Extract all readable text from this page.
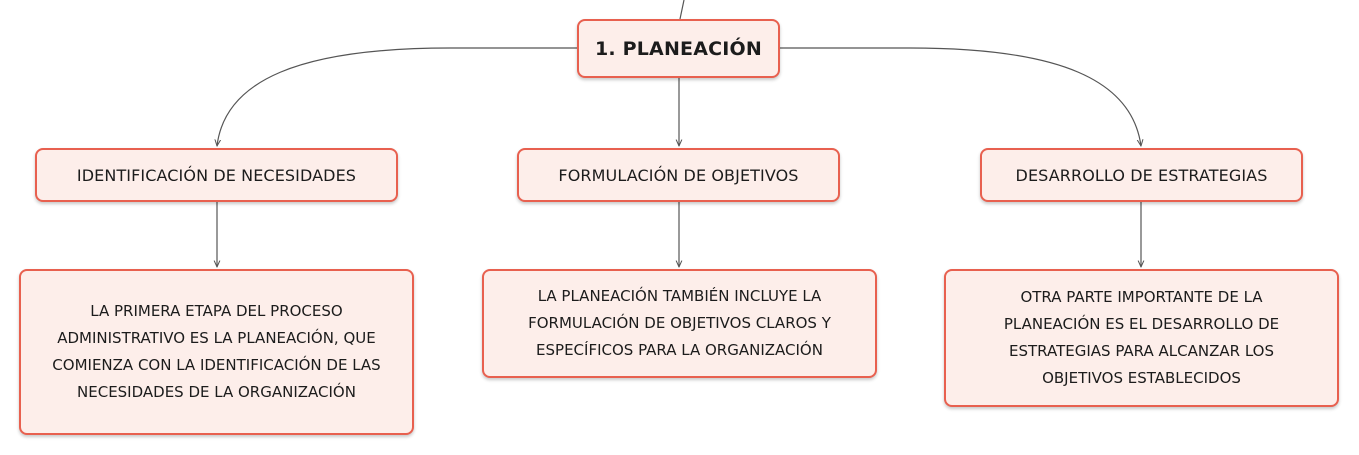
1. PLANEACIÓN
IDENTIFICACIÓN DE NECESIDADES	FORMULACIÓN DE OBJETIVOS	DESARROLLO DE ESTRATEGIAS
LA PRIMERA ETAPA DEL PROCESO ADMINISTRATIVO ES LA PLANEACIÓN, QUE COMIENZA CON LA IDENTIFICACIÓN DE LAS NECESIDADES DE LA ORGANIZACIÓN
LA PLANEACIÓN TAMBIÉN INCLUYE LA FORMULACIÓN DE OBJETIVOS CLAROS Y ESPECÍFICOS PARA LA ORGANIZACIÓN
OTRA PARTE IMPORTANTE DE LA PLANEACIÓN ES EL DESARROLLO DE ESTRATEGIAS PARA ALCANZAR LOS OBJETIVOS ESTABLECIDOS
